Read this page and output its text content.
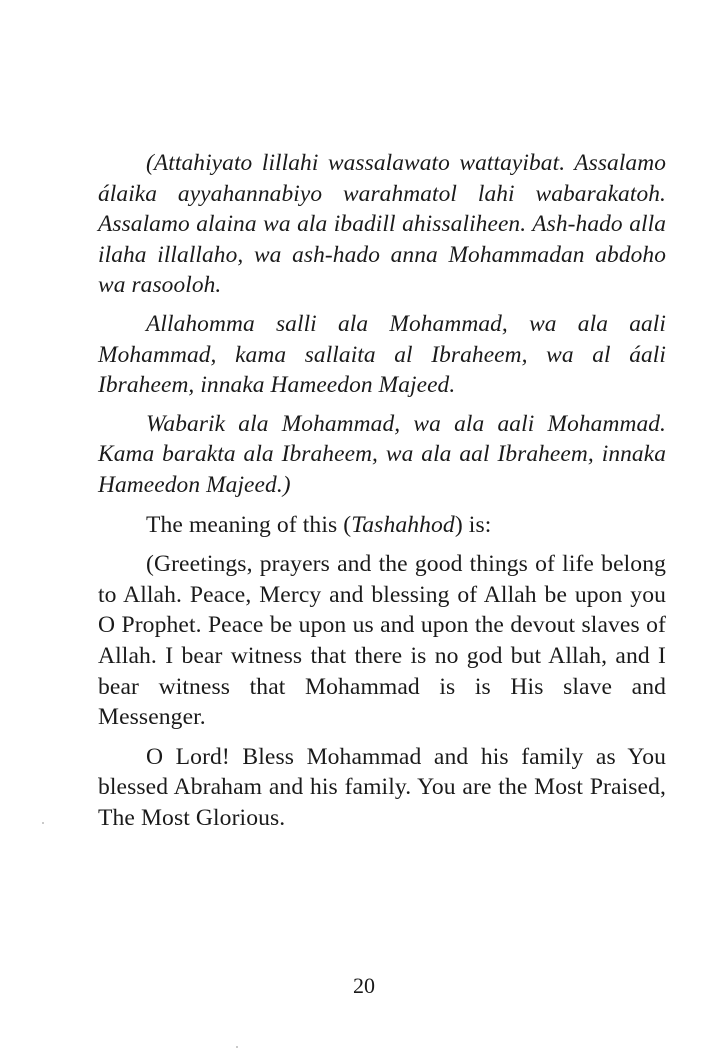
(Attahiyato lillahi wassalawato wattayibat. Assalamo álaika ayyahannabiyo warahmatol lahi wabarakatoh. Assalamo alaina wa ala ibadill ahissaliheen. Ash-hado alla ilaha illallaho, wa ash-hado anna Mohammadan abdoho wa rasooloh.

Allahomma salli ala Mohammad, wa ala aali Mohammad, kama sallaita al Ibraheem, wa al áali Ibraheem, innaka Hameedon Majeed.

Wabarik ala Mohammad, wa ala aali Mohammad. Kama barakta ala Ibraheem, wa ala aal Ibraheem, innaka Hameedon Majeed.)

The meaning of this (Tashahhod) is:

(Greetings, prayers and the good things of life belong to Allah. Peace, Mercy and blessing of Allah be upon you O Prophet. Peace be upon us and upon the devout slaves of Allah. I bear witness that there is no god but Allah, and I bear witness that Mohammad is is His slave and Messenger.

O Lord! Bless Mohammad and his family as You blessed Abraham and his family. You are the Most Praised, The Most Glorious.

20
